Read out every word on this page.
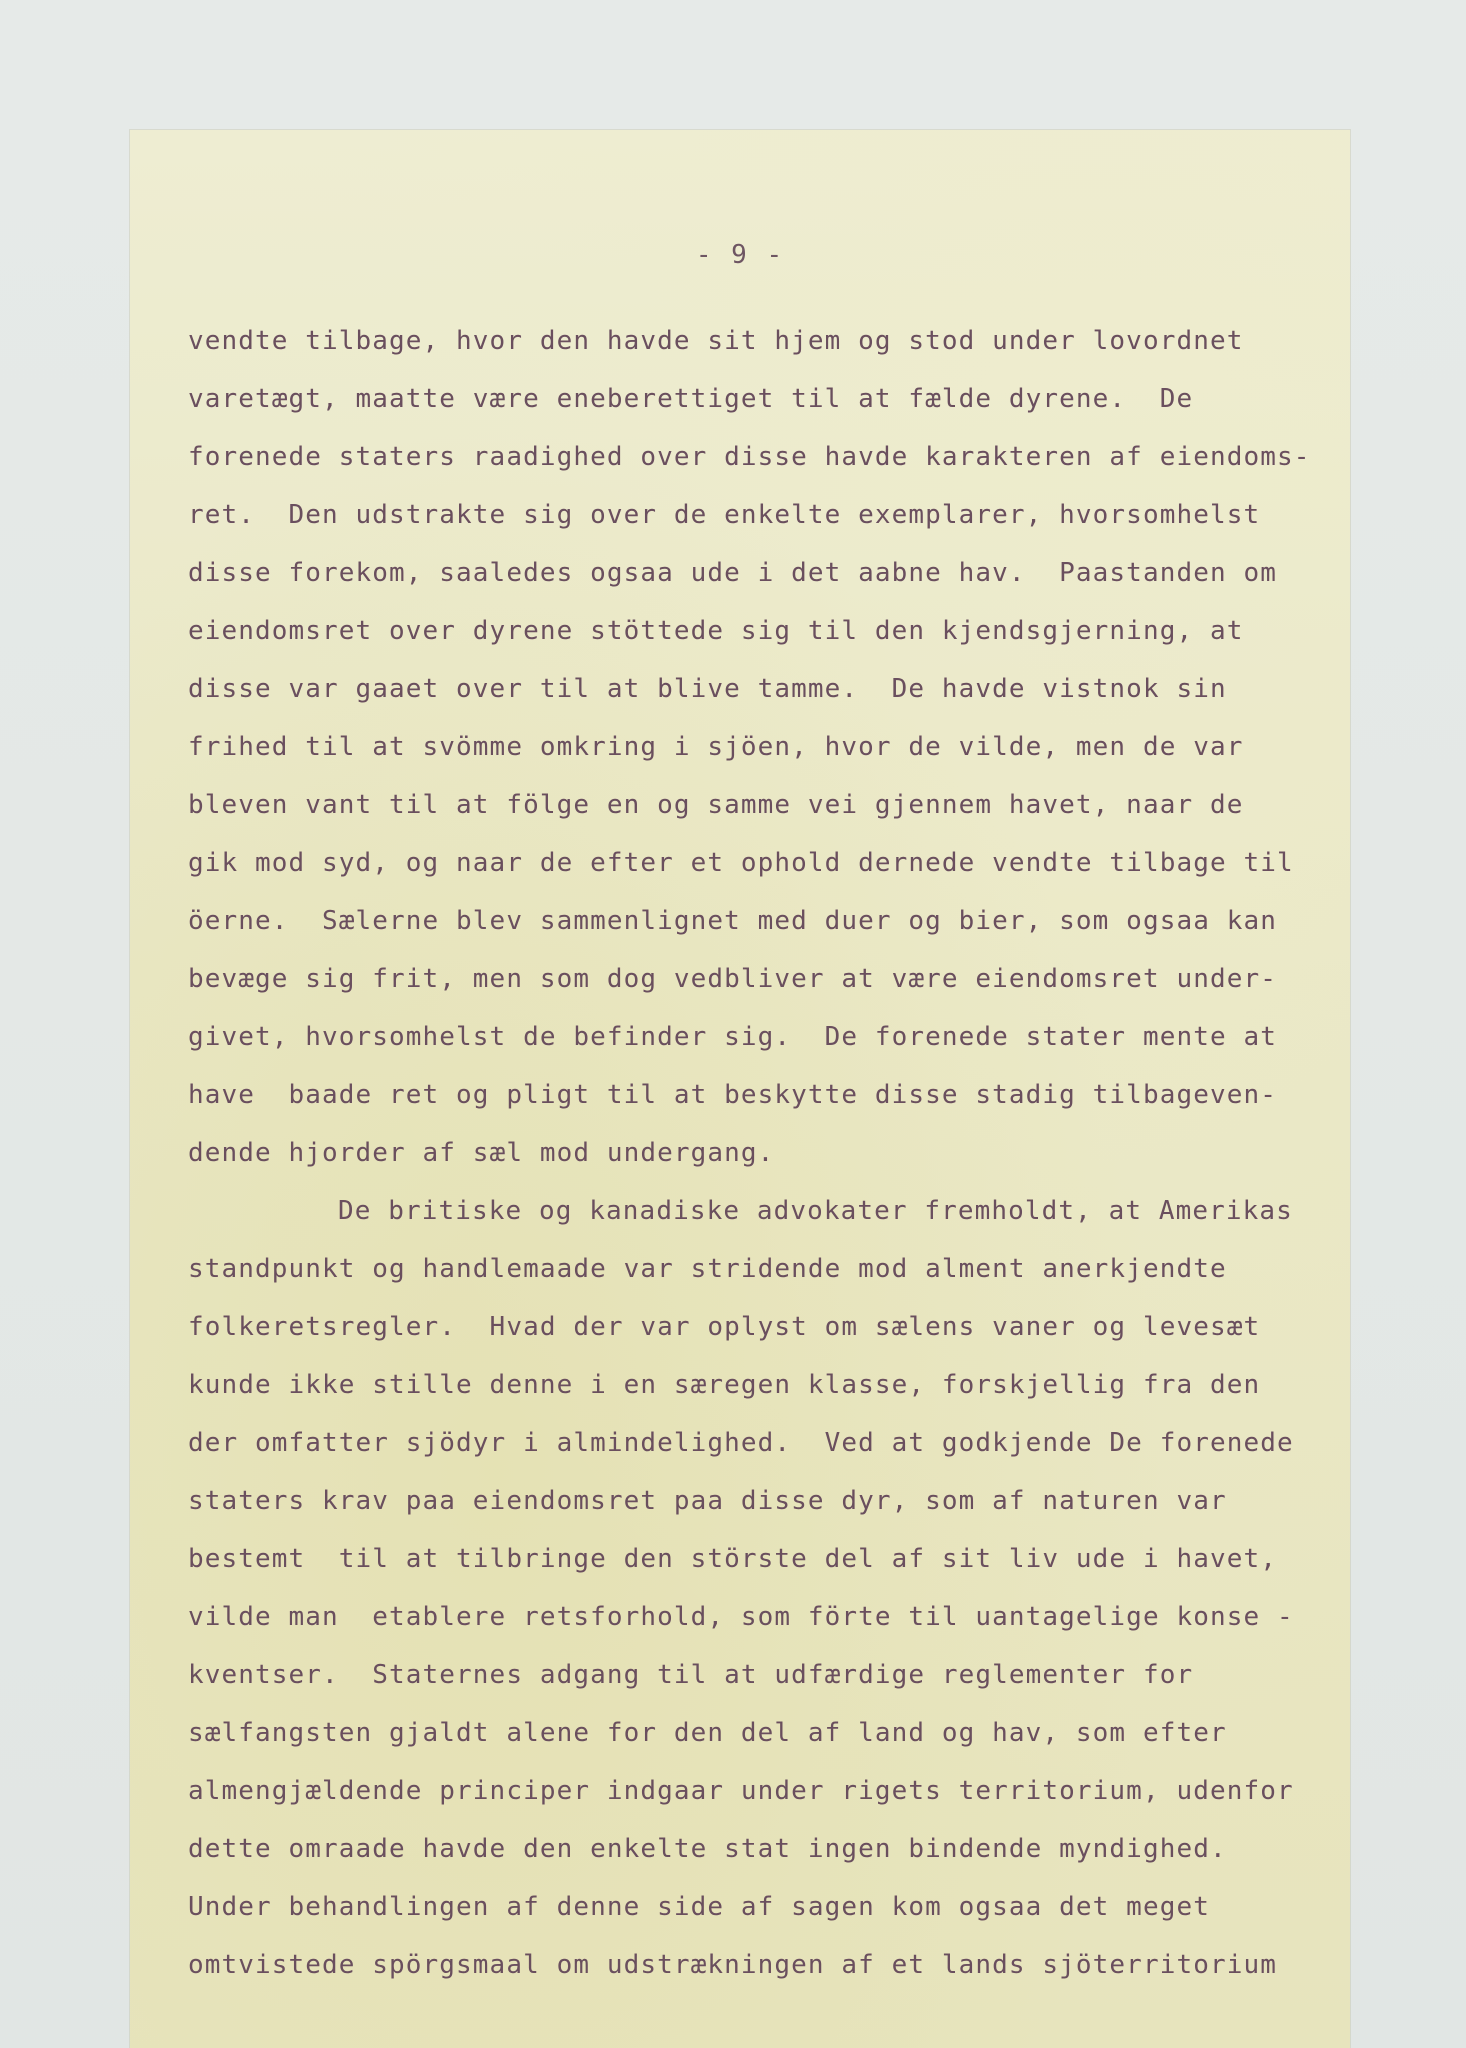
- 9 -
vendte tilbage, hvor den havde sit hjem og stod under lovordnet
varetægt, maatte være eneberettiget til at fælde dyrene.  De
forenede staters raadighed over disse havde karakteren af eiendoms-
ret.  Den udstrakte sig over de enkelte exemplarer, hvorsomhelst
disse forekom, saaledes ogsaa ude i det aabne hav.  Paastanden om
eiendomsret over dyrene stöttede sig til den kjendsgjerning, at
disse var gaaet over til at blive tamme.  De havde vistnok sin
frihed til at svömme omkring i sjöen, hvor de vilde, men de var
bleven vant til at fölge en og samme vei gjennem havet, naar de
gik mod syd, og naar de efter et ophold dernede vendte tilbage til
öerne.  Sælerne blev sammenlignet med duer og bier, som ogsaa kan
bevæge sig frit, men som dog vedbliver at være eiendomsret under-
givet, hvorsomhelst de befinder sig.  De forenede stater mente at
have  baade ret og pligt til at beskytte disse stadig tilbageven-
dende hjorder af sæl mod undergang.
De britiske og kanadiske advokater fremholdt, at Amerikas
standpunkt og handlemaade var stridende mod alment anerkjendte
folkeretsregler.  Hvad der var oplyst om sælens vaner og levesæt
kunde ikke stille denne i en særegen klasse, forskjellig fra den
der omfatter sjödyr i almindelighed.  Ved at godkjende De forenede
staters krav paa eiendomsret paa disse dyr, som af naturen var
bestemt  til at tilbringe den störste del af sit liv ude i havet,
vilde man  etablere retsforhold, som förte til uantagelige konse -
kventser.  Staternes adgang til at udfærdige reglementer for
sælfangsten gjaldt alene for den del af land og hav, som efter
almengjældende principer indgaar under rigets territorium, udenfor
dette omraade havde den enkelte stat ingen bindende myndighed.
Under behandlingen af denne side af sagen kom ogsaa det meget
omtvistede spörgsmaal om udstrækningen af et lands sjöterritorium
